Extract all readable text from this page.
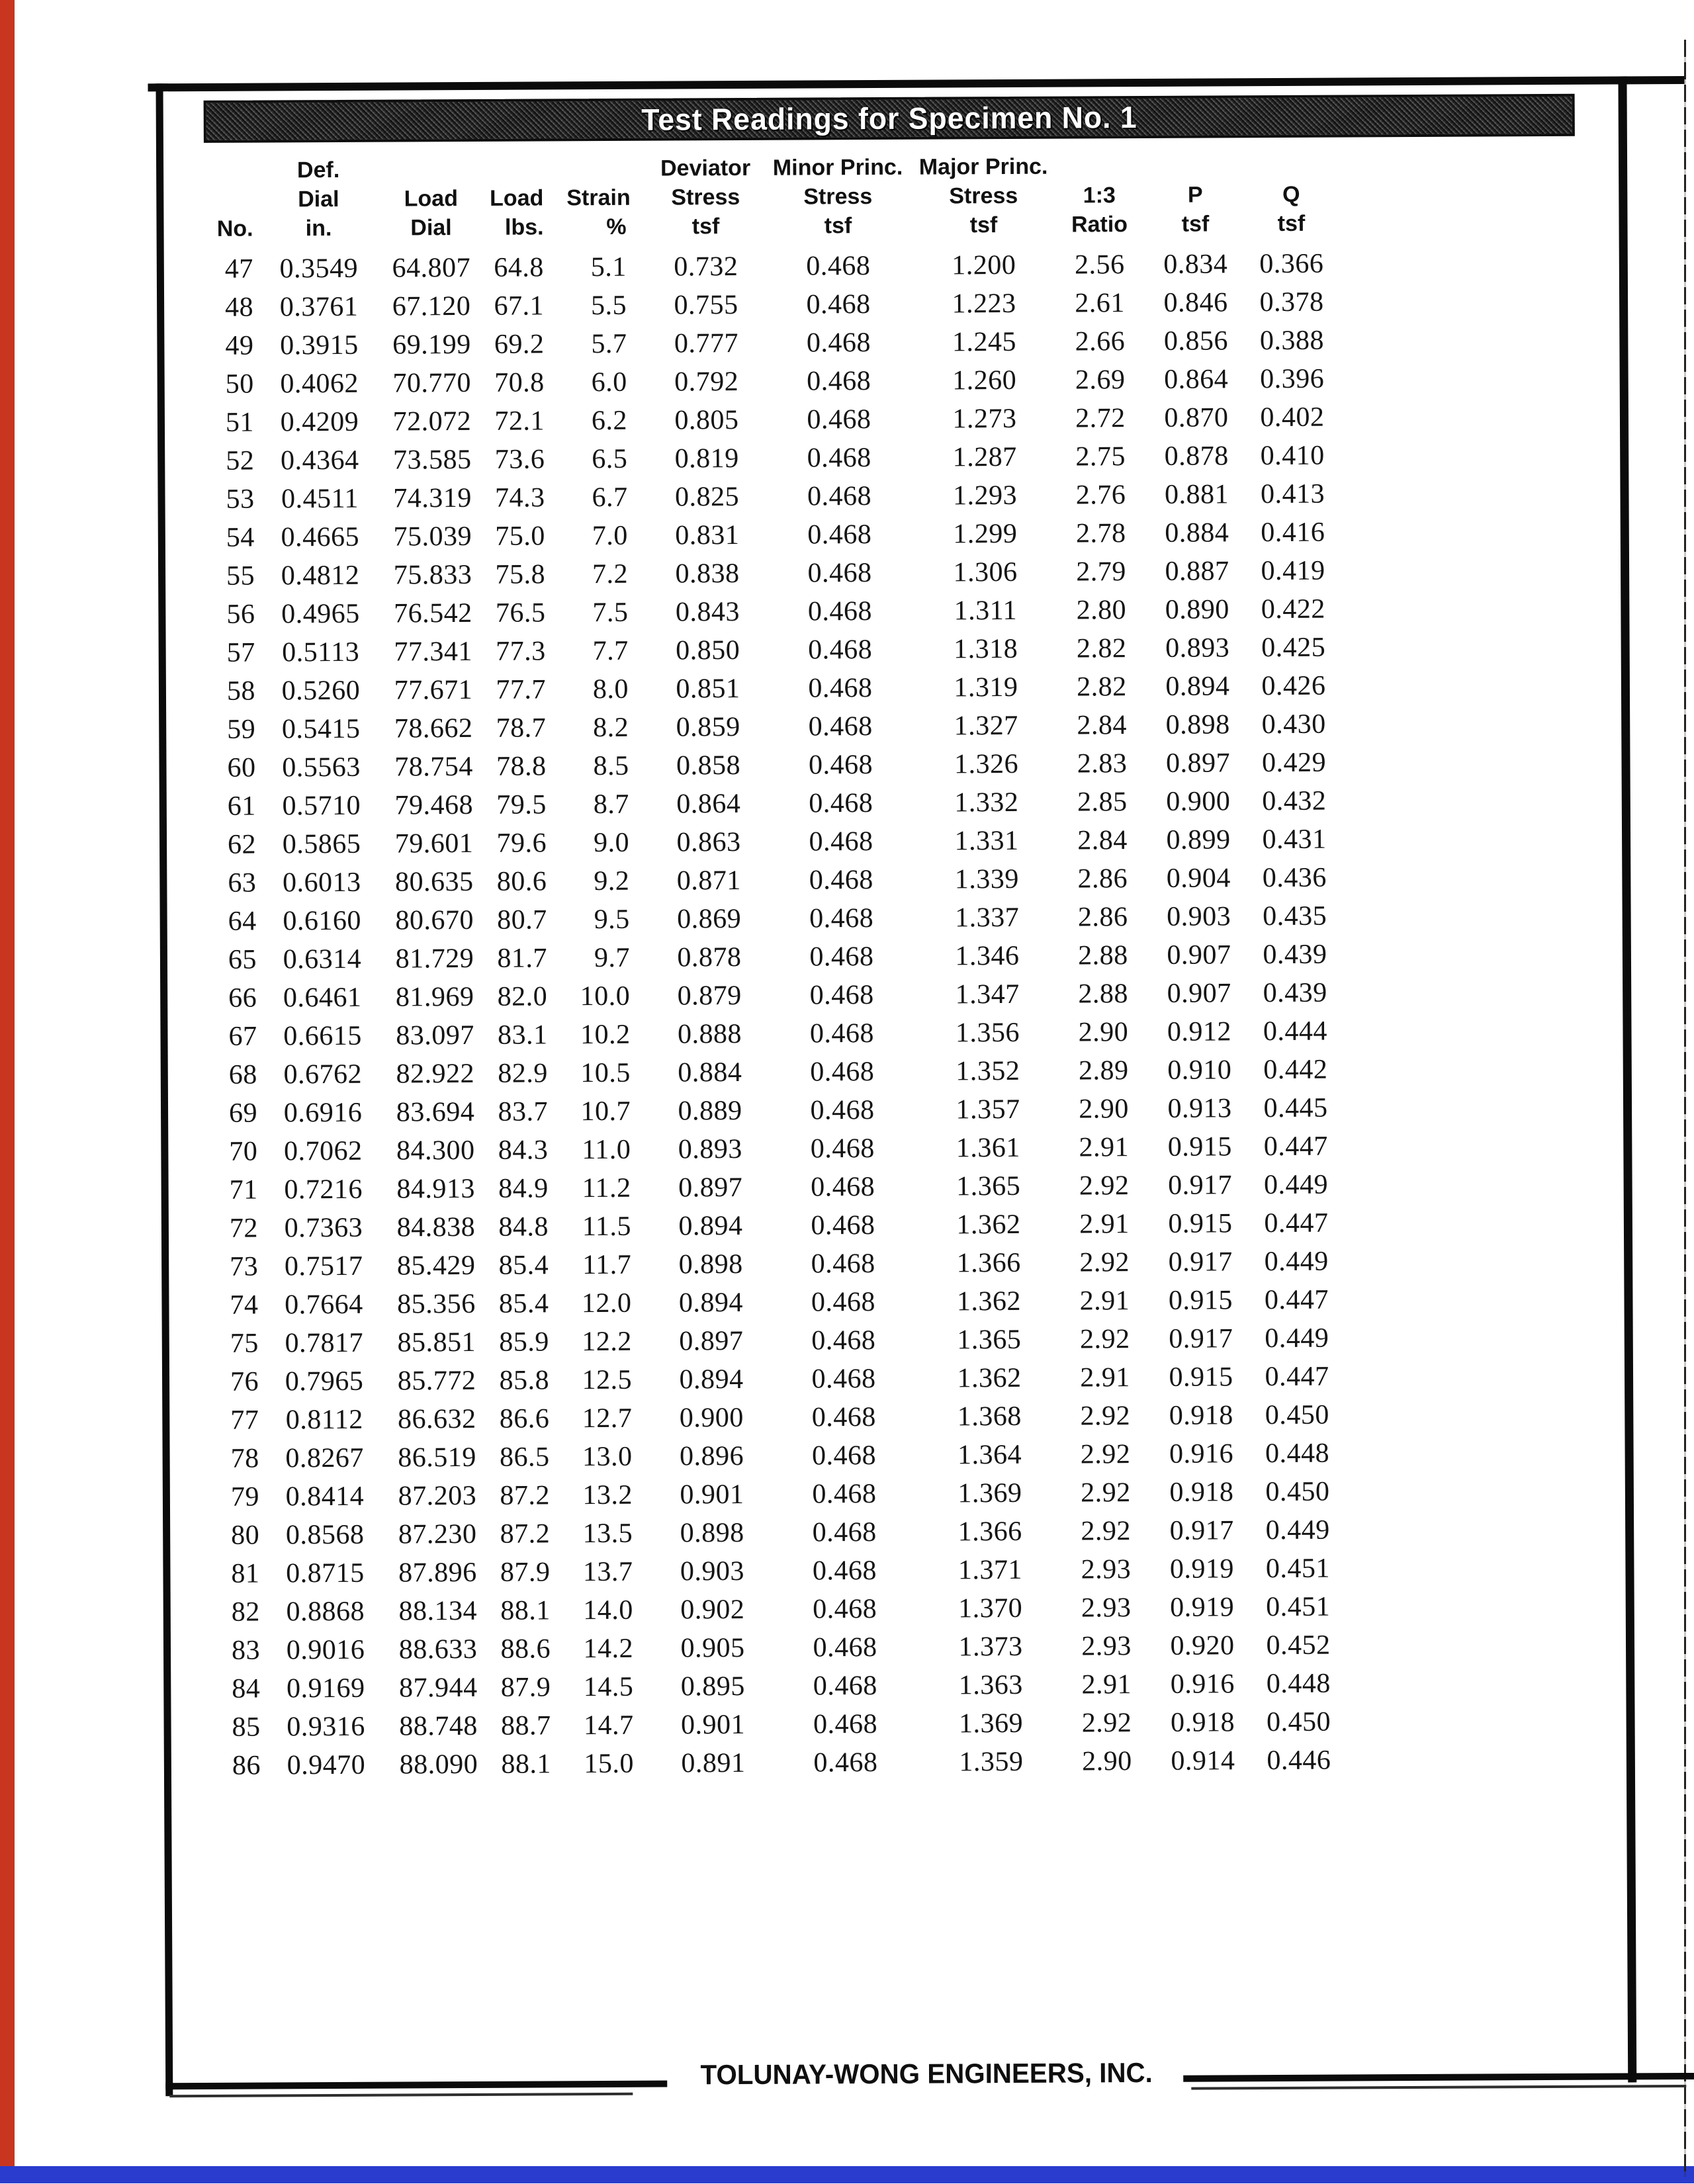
Test Readings for Specimen No. 1
No.
Def.
Dial
in.
Load
Dial
Load
lbs.
Strain
%
Deviator
Stress
tsf
Minor Princ.
Stress
tsf
Major Princ.
Stress
tsf
1:3
Ratio
P
tsf
Q
tsf
47 0.3549	64.807 64.8	5.1	0.732	0.468	1.200	2.56	0.834	0.366
48 0.3761	67.120 67.1	5.5	0.755	0.468	1.223	2.61	0.846	0.378
49 0.3915	69.199 69.2	5.7	0.777	0.468	1.245	2.66	0.856	0.388
50 0.4062	70.770 70.8	6.0	0.792	0.468	1.260	2.69	0.864	0.396
51 0.4209	72.072 72.1	6.2	0.805	0.468	1.273	2.72	0.870	0.402
52 0.4364	73.585 73.6	6.5	0.819	0.468	1.287	2.75	0.878	0.410
53 0.4511	74.319 74.3	6.7	0.825	0.468	1.293	2.76	0.881	0.413
54 0.4665	75.039 75.0	7.0	0.831	0.468	1.299	2.78	0.884	0.416
55 0.4812	75.833 75.8	7.2	0.838	0.468	1.306	2.79	0.887	0.419
56 0.4965	76.542 76.5	7.5	0.843	0.468	1.311	2.80	0.890	0.422
57 0.5113	77.341 77.3	7.7	0.850	0.468	1.318	2.82	0.893	0.425
58 0.5260	77.671 77.7	8.0	0.851	0.468	1.319	2.82	0.894	0.426
59 0.5415	78.662 78.7	8.2	0.859	0.468	1.327	2.84	0.898	0.430
60 0.5563	78.754 78.8	8.5	0.858	0.468	1.326	2.83	0.897	0.429
61 0.5710	79.468 79.5	8.7	0.864	0.468	1.332	2.85	0.900	0.432
62 0.5865	79.601 79.6	9.0	0.863	0.468	1.331	2.84	0.899	0.431
63 0.6013	80.635 80.6	9.2	0.871	0.468	1.339	2.86	0.904	0.436
64 0.6160	80.670 80.7	9.5	0.869	0.468	1.337	2.86	0.903	0.435
65 0.6314	81.729 81.7	9.7	0.878	0.468	1.346	2.88	0.907	0.439
66 0.6461	81.969 82.0	10.0	0.879	0.468	1.347	2.88	0.907	0.439
67 0.6615	83.097 83.1	10.2	0.888	0.468	1.356	2.90	0.912	0.444
68 0.6762	82.922 82.9	10.5	0.884	0.468	1.352	2.89	0.910	0.442
69 0.6916	83.694 83.7	10.7	0.889	0.468	1.357	2.90	0.913	0.445
70 0.7062	84.300 84.3	11.0	0.893	0.468	1.361	2.91	0.915	0.447
71 0.7216	84.913 84.9	11.2	0.897	0.468	1.365	2.92	0.917	0.449
72 0.7363	84.838 84.8	11.5	0.894	0.468	1.362	2.91	0.915	0.447
73 0.7517	85.429 85.4	11.7	0.898	0.468	1.366	2.92	0.917	0.449
74 0.7664	85.356 85.4	12.0	0.894	0.468	1.362	2.91	0.915	0.447
75 0.7817	85.851 85.9	12.2	0.897	0.468	1.365	2.92	0.917	0.449
76 0.7965	85.772 85.8	12.5	0.894	0.468	1.362	2.91	0.915	0.447
77 0.8112	86.632 86.6	12.7	0.900	0.468	1.368	2.92	0.918	0.450
78 0.8267	86.519 86.5	13.0	0.896	0.468	1.364	2.92	0.916	0.448
79 0.8414	87.203 87.2	13.2	0.901	0.468	1.369	2.92	0.918	0.450
80 0.8568	87.230 87.2	13.5	0.898	0.468	1.366	2.92	0.917	0.449
81 0.8715	87.896 87.9	13.7	0.903	0.468	1.371	2.93	0.919	0.451
82 0.8868	88.134 88.1	14.0	0.902	0.468	1.370	2.93	0.919	0.451
83 0.9016	88.633 88.6	14.2	0.905	0.468	1.373	2.93	0.920	0.452
84 0.9169	87.944 87.9	14.5	0.895	0.468	1.363	2.91	0.916	0.448
85 0.9316	88.748 88.7	14.7	0.901	0.468	1.369	2.92	0.918	0.450
86 0.9470	88.090 88.1	15.0	0.891	0.468	1.359	2.90	0.914	0.446
TOLUNAY-WONG ENGINEERS, INC.
